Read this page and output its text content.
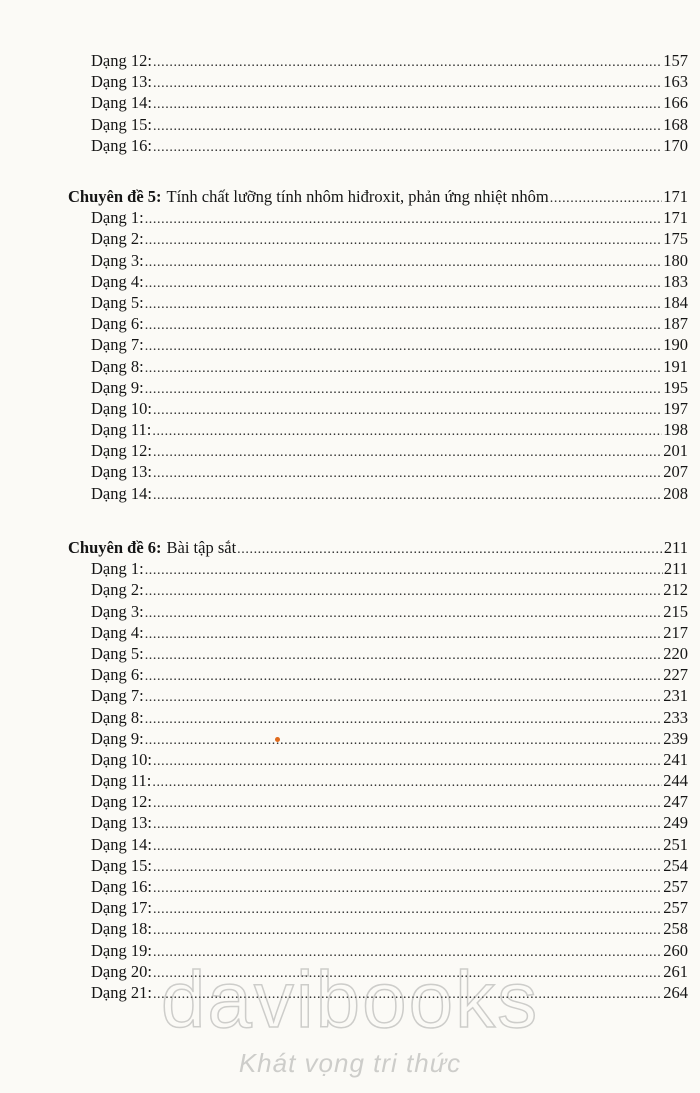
Dạng 12: .....	157
Dạng 13: .....	163
Dạng 14: .....	166
Dạng 15: .....	168
Dạng 16: .....	170
Chuyên đề 5: Tính chất lưỡng tính nhôm hiđroxit, phản ứng nhiệt nhôm .....	171
Dạng 1: .....	171
Dạng 2: .....	175
Dạng 3: .....	180
Dạng 4: .....	183
Dạng 5: .....	184
Dạng 6: .....	187
Dạng 7: .....	190
Dạng 8: .....	191
Dạng 9: .....	195
Dạng 10: .....	197
Dạng 11: .....	198
Dạng 12: .....	201
Dạng 13: .....	207
Dạng 14: .....	208
Chuyên đề 6: Bài tập sắt .....	211
Dạng 1: .....	211
Dạng 2: .....	212
Dạng 3: .....	215
Dạng 4: .....	217
Dạng 5: .....	220
Dạng 6: .....	227
Dạng 7: .....	231
Dạng 8: .....	233
Dạng 9: .....	239
Dạng 10: .....	241
Dạng 11: .....	244
Dạng 12: .....	247
Dạng 13: .....	249
Dạng 14: .....	251
Dạng 15: .....	254
Dạng 16: .....	257
Dạng 17: .....	257
Dạng 18: .....	258
Dạng 19: .....	260
Dạng 20: .....	261
Dạng 21: .....	264
davibooks
Khát vọng tri thức
